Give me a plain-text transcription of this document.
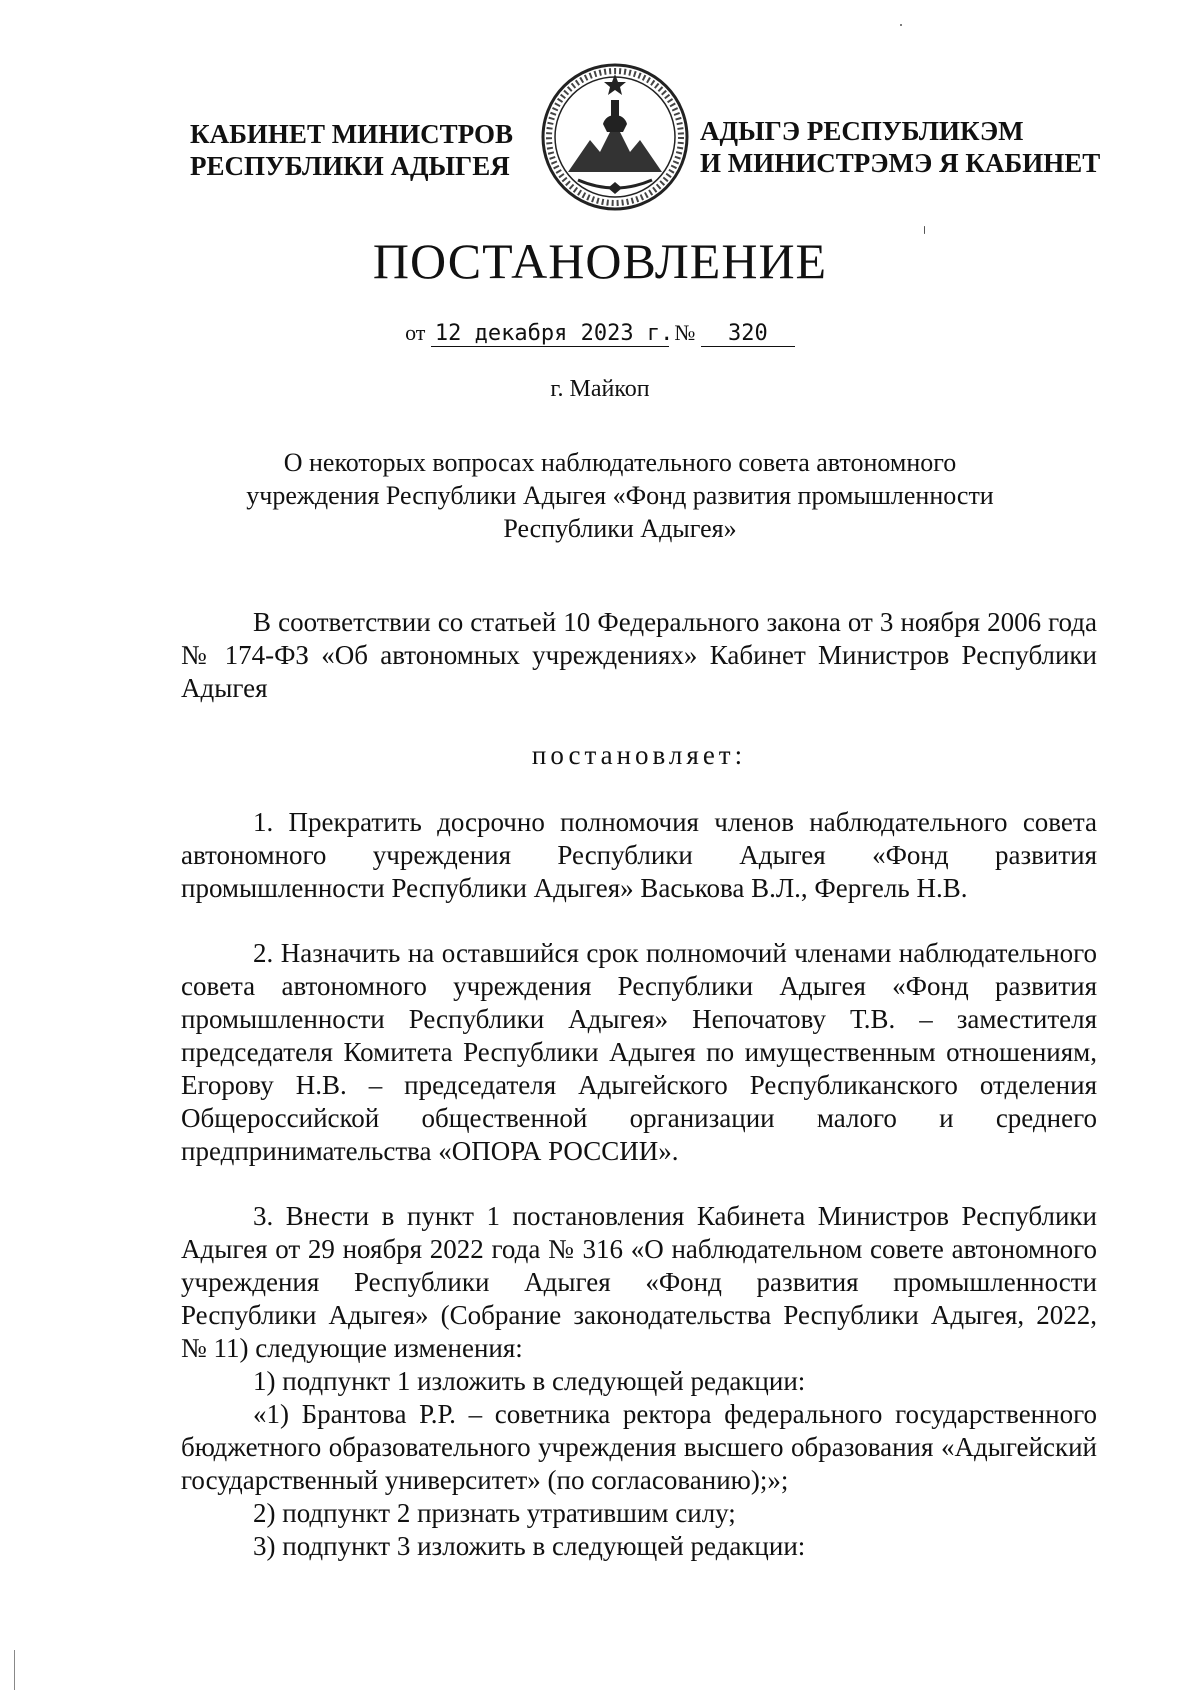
КАБИНЕТ МИНИСТРОВ
РЕСПУБЛИКИ АДЫГЕЯ
АДЫГЭ РЕСПУБЛИКЭМ
И МИНИСТРЭМЭ Я КАБИНЕТ
ПОСТАНОВЛЕНИЕ
от 12 декабря 2023 г. № 320
г. Майкоп
О некоторых вопросах наблюдательного совета автономного
учреждения Республики Адыгея «Фонд развития промышленности
Республики Адыгея»

В соответствии со статьей 10 Федерального закона от 3 ноября 2006 года № 174-ФЗ «Об автономных учреждениях» Кабинет Министров Республики Адыгея

постановляет:

1. Прекратить досрочно полномочия членов наблюдательного совета автономного учреждения Республики Адыгея «Фонд развития промышленности Республики Адыгея» Васькова В.Л., Фергель Н.В.

2. Назначить на оставшийся срок полномочий членами наблюдательного совета автономного учреждения Республики Адыгея «Фонд развития промышленности Республики Адыгея» Непочатову Т.В. – заместителя председателя Комитета Республики Адыгея по имущественным отношениям, Егорову Н.В. – председателя Адыгейского Республиканского отделения Общероссийской общественной организации малого и среднего предпринимательства «ОПОРА РОССИИ».

3. Внести в пункт 1 постановления Кабинета Министров Республики Адыгея от 29 ноября 2022 года № 316 «О наблюдательном совете автономного учреждения Республики Адыгея «Фонд развития промышленности Республики Адыгея» (Собрание законодательства Республики Адыгея, 2022, № 11) следующие изменения:

1) подпункт 1 изложить в следующей редакции:

«1) Брантова Р.Р. – советника ректора федерального государственного бюджетного образовательного учреждения высшего образования «Адыгейский государственный университет» (по согласованию);»;

2) подпункт 2 признать утратившим силу;

3) подпункт 3 изложить в следующей редакции:
